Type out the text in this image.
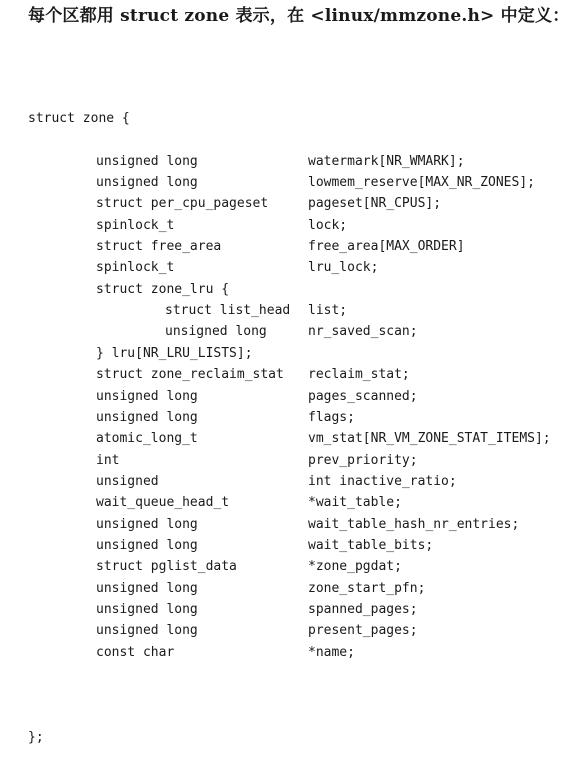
每个区都用 struct zone 表示，在 <linux/mmzone.h> 中定义：

struct zone {

unsigned long	watermark[NR_WMARK];
unsigned long	lowmem_reserve[MAX_NR_ZONES];
struct per_cpu_pageset	pageset[NR_CPUS];
spinlock_t	lock;
struct free_area	free_area[MAX_ORDER]
spinlock_t	lru_lock;
struct zone_lru {
struct list_head list;
unsigned long	nr_saved_scan;
} lru[NR_LRU_LISTS];
struct zone_reclaim_stat reclaim_stat;
unsigned long	pages_scanned;
unsigned long	flags;
atomic_long_t	vm_stat[NR_VM_ZONE_STAT_ITEMS];
int	prev_priority;
unsigned	int inactive_ratio;
wait_queue_head_t	*wait_table;
unsigned long	wait_table_hash_nr_entries;
unsigned long	wait_table_bits;
struct pglist_data	*zone_pgdat;
unsigned long	zone_start_pfn;
unsigned long	spanned_pages;
unsigned long	present_pages;
const char	*name;

};
